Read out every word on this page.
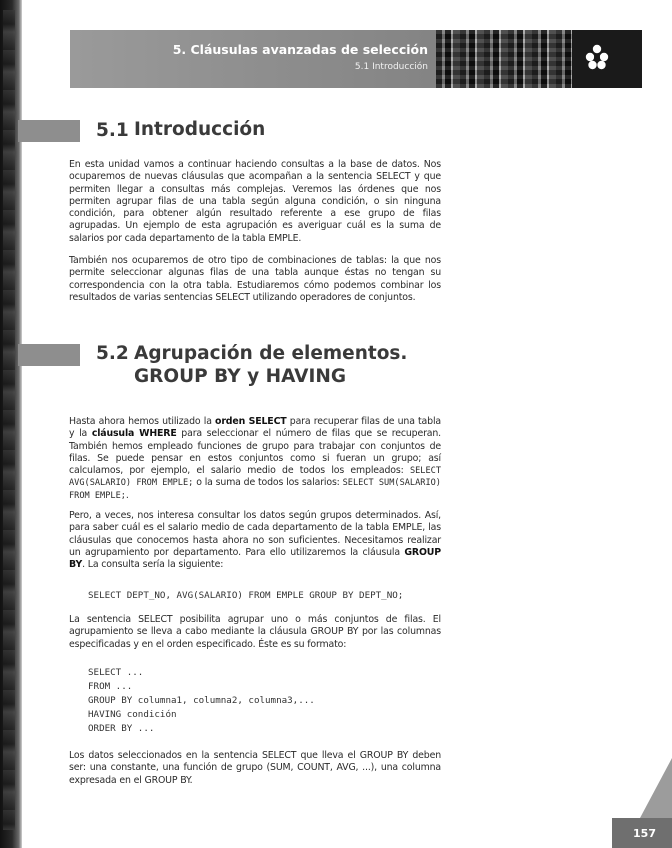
5. Cláusulas avanzadas de selección
5.1 Introducción
5.1 Introducción

En esta unidad vamos a continuar haciendo consultas a la base de datos. Nos ocuparemos de nuevas cláusulas que acompañan a la sentencia SELECT y que permiten llegar a consultas más complejas. Veremos las órdenes que nos permiten agrupar filas de una tabla según alguna condición, o sin ninguna condición, para obtener algún resultado referente a ese grupo de filas agrupadas. Un ejemplo de esta agrupación es averiguar cuál es la suma de salarios por cada departamento de la tabla EMPLE.

También nos ocuparemos de otro tipo de combinaciones de tablas: la que nos permite seleccionar algunas filas de una tabla aunque éstas no tengan su correspondencia con la otra tabla. Estudiaremos cómo podemos combinar los resultados de varias sentencias SELECT utilizando operadores de conjuntos.

5.2 Agrupación de elementos.
GROUP BY y HAVING

Hasta ahora hemos utilizado la orden SELECT para recuperar filas de una tabla y la cláusula WHERE para seleccionar el número de filas que se recuperan. También hemos empleado funciones de grupo para trabajar con conjuntos de filas. Se puede pensar en estos conjuntos como si fueran un grupo; así calculamos, por ejemplo, el salario medio de todos los empleados: SELECT AVG(SALARIO) FROM EMPLE; o la suma de todos los salarios: SELECT SUM(SALARIO) FROM EMPLE;.

Pero, a veces, nos interesa consultar los datos según grupos determinados. Así, para saber cuál es el salario medio de cada departamento de la tabla EMPLE, las cláusulas que conocemos hasta ahora no son suficientes. Necesitamos realizar un agrupamiento por departamento. Para ello utilizaremos la cláusula GROUP BY. La consulta sería la siguiente:

SELECT DEPT_NO, AVG(SALARIO) FROM EMPLE GROUP BY DEPT_NO;

La sentencia SELECT posibilita agrupar uno o más conjuntos de filas. El agrupamiento se lleva a cabo mediante la cláusula GROUP BY por las columnas especificadas y en el orden especificado. Éste es su formato:

SELECT ...
FROM ...
GROUP BY columna1, columna2, columna3,...
HAVING condición
ORDER BY ...

Los datos seleccionados en la sentencia SELECT que lleva el GROUP BY deben ser: una constante, una función de grupo (SUM, COUNT, AVG, ...), una columna expresada en el GROUP BY.

157
